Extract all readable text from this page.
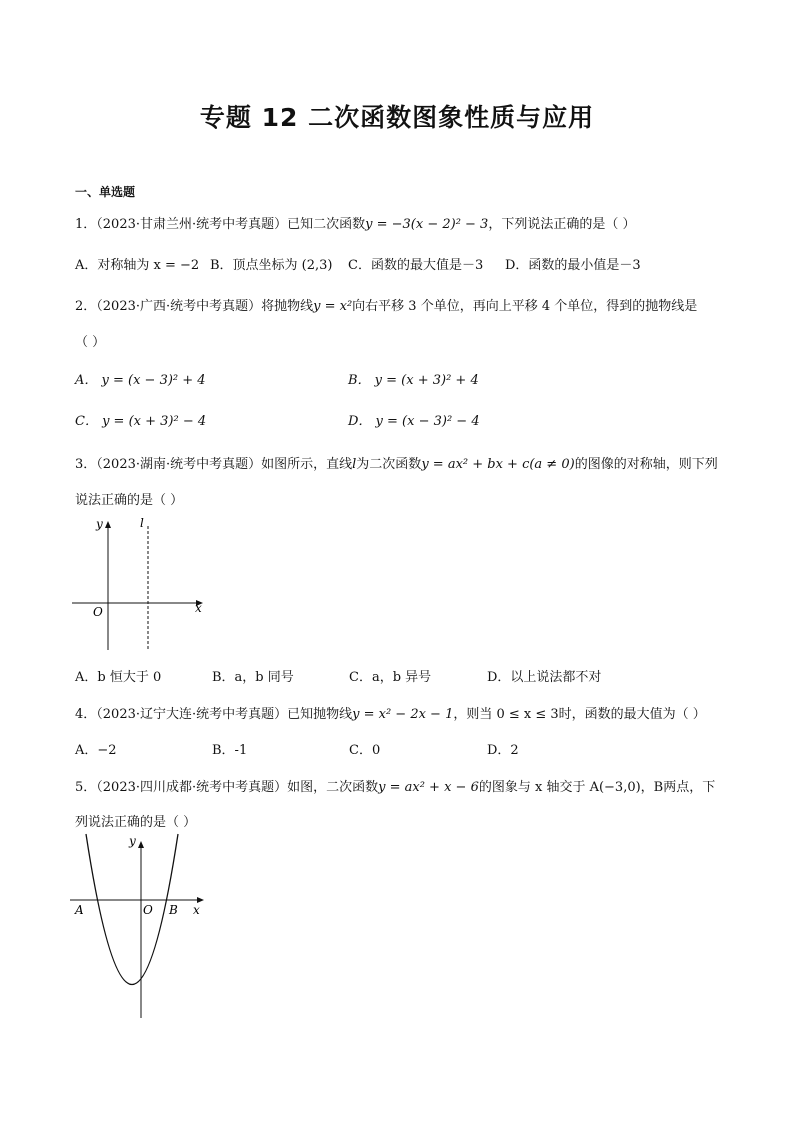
专题 12 二次函数图象性质与应用
一、单选题
1．（2023·甘肃兰州·统考中考真题）已知二次函数y = −3(x − 2)² − 3，下列说法正确的是（ ）
A．对称轴为 x = −2 B．顶点坐标为 (2,3) C．函数的最大值是－3 D．函数的最小值是－3
2．（2023·广西·统考中考真题）将抛物线y = x²向右平移 3 个单位，再向上平移 4 个单位，得到的抛物线是
（ ）
A． y = (x − 3)² + 4	B． y = (x + 3)² + 4
C． y = (x + 3)² − 4	D． y = (x − 3)² − 4
3．（2023·湖南·统考中考真题）如图所示，直线l为二次函数y = ax² + bx + c(a ≠ 0)的图像的对称轴，则下列
说法正确的是（ ）
y	l
O	x
A．b 恒大于 0	B．a，b 同号	C．a，b 异号	D．以上说法都不对
4．（2023·辽宁大连·统考中考真题）已知抛物线y = x² − 2x − 1，则当 0 ≤ x ≤ 3时，函数的最大值为（ ）
A．−2	B．-1	C．0	D．2
5．（2023·四川成都·统考中考真题）如图，二次函数y = ax² + x − 6的图象与 x 轴交于 A(−3,0)，B两点，下
列说法正确的是（ ）
y
A	O B x
